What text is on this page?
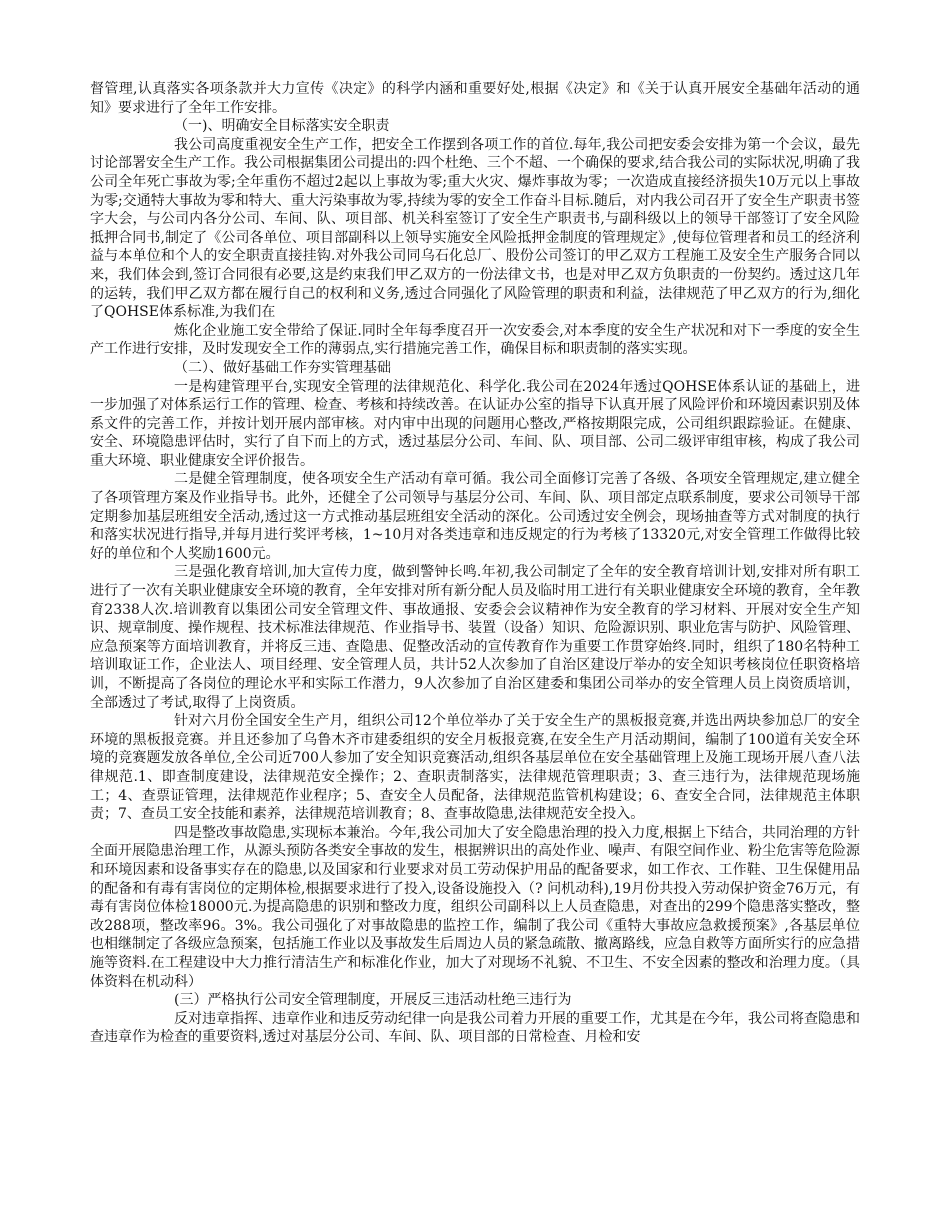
督管理,认真落实各项条款并大力宣传《决定》的科学内涵和重要好处,根据《决定》和《关于认真开展安全基础年活动的通知》要求进行了全年工作安排。

（一)、明确安全目标落实安全职责

我公司高度重视安全生产工作，把安全工作摆到各项工作的首位.每年,我公司把安委会安排为第一个会议，最先讨论部署安全生产工作。我公司根据集团公司提出的:四个杜绝、三个不超、一个确保的要求,结合我公司的实际状况,明确了我公司全年死亡事故为零;全年重伤不超过2起以上事故为零;重大火灾、爆炸事故为零；一次造成直接经济损失10万元以上事故为零;交通特大事故为零和特大、重大污染事故为零,持续为零的安全工作奋斗目标.随后，对内我公司召开了安全生产职责书签字大会，与公司内各分公司、车间、队、项目部、机关科室签订了安全生产职责书,与副科级以上的领导干部签订了安全风险抵押合同书,制定了《公司各单位、项目部副科以上领导实施安全风险抵押金制度的管理规定》,使每位管理者和员工的经济利益与本单位和个人的安全职责直接挂钩.对外我公司同乌石化总厂、股份公司签订的甲乙双方工程施工及安全生产服务合同以来，我们体会到,签订合同很有必要,这是约束我们甲乙双方的一份法律文书，也是对甲乙双方负职责的一份契约。透过这几年的运转，我们甲乙双方都在履行自己的权利和义务,透过合同强化了风险管理的职责和利益，法律规范了甲乙双方的行为,细化了QOHSE体系标准,为我们在

炼化企业施工安全带给了保证.同时全年每季度召开一次安委会,对本季度的安全生产状况和对下一季度的安全生产工作进行安排，及时发现安全工作的薄弱点,实行措施完善工作，确保目标和职责制的落实实现。

（二）、做好基础工作夯实管理基础

一是构建管理平台,实现安全管理的法律规范化、科学化.我公司在2024年透过QOHSE体系认证的基础上，进一步加强了对体系运行工作的管理、检查、考核和持续改善。在认证办公室的指导下认真开展了风险评价和环境因素识别及体系文件的完善工作，并按计划开展内部审核。对内审中出现的问题用心整改,严格按期限完成，公司组织跟踪验证。在健康、安全、环境隐患评估时，实行了自下而上的方式，透过基层分公司、车间、队、项目部、公司二级评审组审核，构成了我公司重大环境、职业健康安全评价报告。

二是健全管理制度，使各项安全生产活动有章可循。我公司全面修订完善了各级、各项安全管理规定,建立健全了各项管理方案及作业指导书。此外，还健全了公司领导与基层分公司、车间、队、项目部定点联系制度，要求公司领导干部定期参加基层班组安全活动,透过这一方式推动基层班组安全活动的深化。公司透过安全例会，现场抽查等方式对制度的执行和落实状况进行指导,并每月进行奖评考核，1~10月对各类违章和违反规定的行为考核了13320元,对安全管理工作做得比较好的单位和个人奖励1600元。

三是强化教育培训,加大宣传力度，做到警钟长鸣.年初,我公司制定了全年的安全教育培训计划,安排对所有职工进行了一次有关职业健康安全环境的教育，全年安排对所有新分配人员及临时用工进行有关职业健康安全环境的教育，全年教育2338人次.培训教育以集团公司安全管理文件、事故通报、安委会会议精神作为安全教育的学习材料、开展对安全生产知识、规章制度、操作规程、技术标准法律规范、作业指导书、装置（设备）知识、危险源识别、职业危害与防护、风险管理、应急预案等方面培训教育，并将反三违、查隐患、促整改活动的宣传教育作为重要工作贯穿始终.同时，组织了180名特种工培训取证工作，企业法人、项目经理、安全管理人员，共计52人次参加了自治区建设厅举办的安全知识考核岗位任职资格培训，不断提高了各岗位的理论水平和实际工作潜力，9人次参加了自治区建委和集团公司举办的安全管理人员上岗资质培训，全部透过了考试,取得了上岗资质。

针对六月份全国安全生产月，组织公司12个单位举办了关于安全生产的黑板报竞赛,并选出两块参加总厂的安全环境的黑板报竞赛。并且还参加了乌鲁木齐市建委组织的安全月板报竞赛,在安全生产月活动期间，编制了100道有关安全环境的竞赛题发放各单位,全公司近700人参加了安全知识竞赛活动,组织各基层单位在安全基础管理上及施工现场开展八查八法律规范.1、即查制度建设，法律规范安全操作；2、查职责制落实，法律规范管理职责；3、查三违行为，法律规范现场施工；4、查票证管理，法律规范作业程序；5、查安全人员配备，法律规范监管机构建设；6、查安全合同，法律规范主体职责；7、查员工安全技能和素养，法律规范培训教育；8、查事故隐患,法律规范安全投入。

四是整改事故隐患,实现标本兼治。今年,我公司加大了安全隐患治理的投入力度,根据上下结合，共同治理的方针全面开展隐患治理工作，从源头预防各类安全事故的发生，根据辨识出的高处作业、噪声、有限空间作业、粉尘危害等危险源和环境因素和设备事实存在的隐患,以及国家和行业要求对员工劳动保护用品的配备要求，如工作衣、工作鞋、卫生保健用品的配备和有毒有害岗位的定期体检,根据要求进行了投入,设备设施投入（? 问机动科),19月份共投入劳动保护资金76万元，有毒有害岗位体检18000元.为提高隐患的识别和整改力度，组织公司副科以上人员查隐患，对查出的299个隐患落实整改，整改288项，整改率96。3%。我公司强化了对事故隐患的监控工作，编制了我公司《重特大事故应急救援预案》,各基层单位也相继制定了各级应急预案，包括施工作业以及事故发生后周边人员的紧急疏散、撤离路线，应急自救等方面所实行的应急措施等资料.在工程建设中大力推行清洁生产和标准化作业，加大了对现场不礼貌、不卫生、不安全因素的整改和治理力度。（具体资料在机动科）

(三）严格执行公司安全管理制度，开展反三违活动杜绝三违行为

反对违章指挥、违章作业和违反劳动纪律一向是我公司着力开展的重要工作，尤其是在今年，我公司将查隐患和查违章作为检查的重要资料,透过对基层分公司、车间、队、项目部的日常检查、月检和安
